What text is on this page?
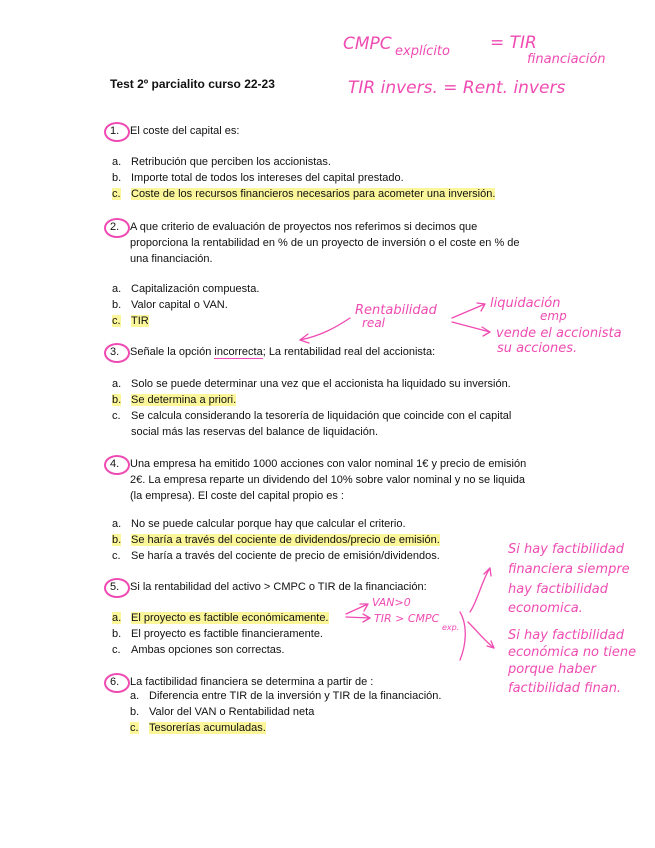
Test 2º parcialito curso 22-23
1. El coste del capital es:
a. Retribución que perciben los accionistas.
b. Importe total de todos los intereses del capital prestado.
c. Coste de los recursos financieros necesarios para acometer una inversión.
2. A que criterio de evaluación de proyectos nos referimos si decimos que
proporciona la rentabilidad en % de un proyecto de inversión o el coste en % de
una financiación.
a. Capitalización compuesta.
b. Valor capital o VAN.
c. TIR
3. Señale la opción incorrecta; La rentabilidad real del accionista:
a. Solo se puede determinar una vez que el accionista ha liquidado su inversión.
b. Se determina a priori.
c. Se calcula considerando la tesorería de liquidación que coincide con el capital
social más las reservas del balance de liquidación.
4. Una empresa ha emitido 1000 acciones con valor nominal 1€ y precio de emisión
2€. La empresa reparte un dividendo del 10% sobre valor nominal y no se liquida
(la empresa). El coste del capital propio es :
a. No se puede calcular porque hay que calcular el criterio.
b. Se haría a través del cociente de dividendos/precio de emisión.
c. Se haría a través del cociente de precio de emisión/dividendos.
5. Si la rentabilidad del activo > CMPC o TIR de la financiación:
a. El proyecto es factible económicamente.
b. El proyecto es factible financieramente.
c. Ambas opciones son correctas.
6. La factibilidad financiera se determina a partir de :
a. Diferencia entre TIR de la inversión y TIR de la financiación.
b. Valor del VAN o Rentabilidad neta
c. Tesorerías acumuladas.
CMPC explícito = TIR
financiación
TIR invers. = Rent. invers
Rentabilidad
real
liquidación
emp
vende el accionista
su acciones.
VAN>0
TIR > CMPC
exp.
Si hay factibilidad
financiera siempre
hay factibilidad
economica.
Si hay factibilidad
económica no tiene
porque haber
factibilidad finan.
